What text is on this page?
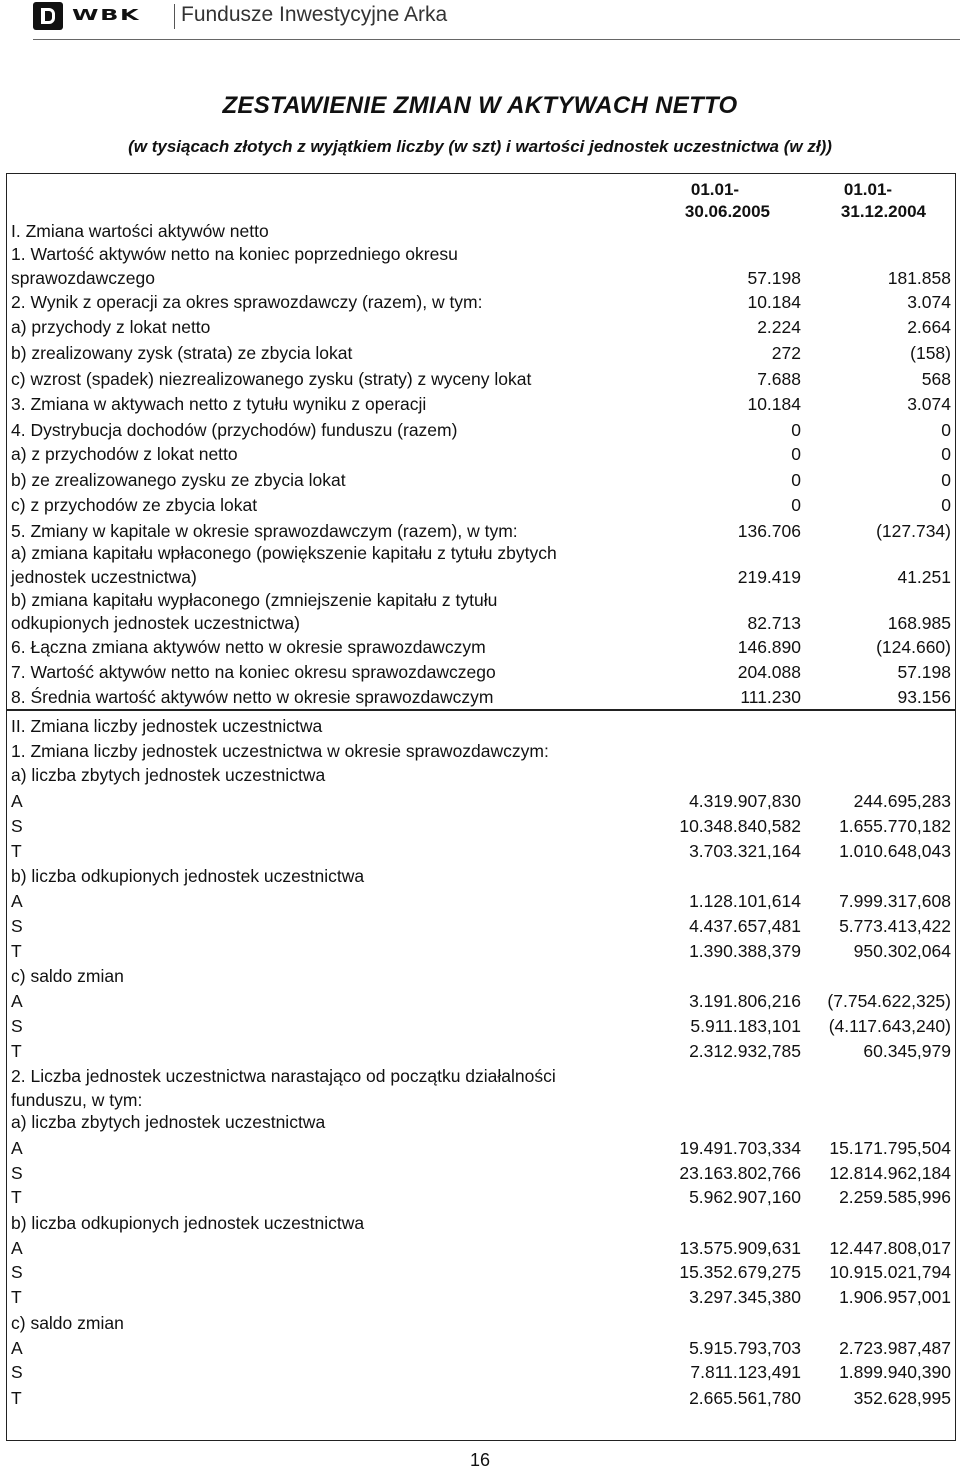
WBK Fundusze Inwestycyjne Arka
ZESTAWIENIE ZMIAN W AKTYWACH NETTO
(w tysiącach złotych z wyjątkiem liczby (w szt) i wartości jednostek uczestnictwa (w zł))
01.01-
30.06.2005
01.01-
31.12.2004
I. Zmiana wartości aktywów netto
1. Wartość aktywów netto na koniec poprzedniego okresu
sprawozdawczego	57.198	181.858
2. Wynik z operacji za okres sprawozdawczy (razem), w tym:	10.184	3.074
a) przychody z lokat netto	2.224	2.664
b) zrealizowany zysk (strata) ze zbycia lokat	272	(158)
c) wzrost (spadek) niezrealizowanego zysku (straty) z wyceny lokat	7.688	568
3. Zmiana w aktywach netto z tytułu wyniku z operacji	10.184	3.074
4. Dystrybucja dochodów (przychodów) funduszu (razem)	0	0
a) z przychodów z lokat netto	0	0
b) ze zrealizowanego zysku ze zbycia lokat	0	0
c) z przychodów ze zbycia lokat	0	0
5. Zmiany w kapitale w okresie sprawozdawczym (razem), w tym:	136.706	(127.734)
a) zmiana kapitału wpłaconego (powiększenie kapitału z tytułu zbytych
jednostek uczestnictwa)	219.419	41.251
b) zmiana kapitału wypłaconego (zmniejszenie kapitału z tytułu
odkupionych jednostek uczestnictwa)	82.713	168.985
6. Łączna zmiana aktywów netto w okresie sprawozdawczym	146.890	(124.660)
7. Wartość aktywów netto na koniec okresu sprawozdawczego	204.088	57.198
8. Średnia wartość aktywów netto w okresie sprawozdawczym	111.230	93.156
II. Zmiana liczby jednostek uczestnictwa
1. Zmiana liczby jednostek uczestnictwa w okresie sprawozdawczym:
a) liczba zbytych jednostek uczestnictwa
A	4.319.907,830	244.695,283
S	10.348.840,582 1.655.770,182
T	3.703.321,164 1.010.648,043
b) liczba odkupionych jednostek uczestnictwa
A	1.128.101,614 7.999.317,608
S	4.437.657,481 5.773.413,422
T	1.390.388,379	950.302,064
c) saldo zmian
A	3.191.806,216 (7.754.622,325)
S	5.911.183,101 (4.117.643,240)
T	2.312.932,785	60.345,979
2. Liczba jednostek uczestnictwa narastająco od początku działalności
funduszu, w tym:
a) liczba zbytych jednostek uczestnictwa
A	19.491.703,334 15.171.795,504
S	23.163.802,766 12.814.962,184
T	5.962.907,160 2.259.585,996
b) liczba odkupionych jednostek uczestnictwa
A	13.575.909,631 12.447.808,017
S	15.352.679,275 10.915.021,794
T	3.297.345,380 1.906.957,001
c) saldo zmian
A	5.915.793,703 2.723.987,487
S	7.811.123,491 1.899.940,390
T	2.665.561,780	352.628,995
16
